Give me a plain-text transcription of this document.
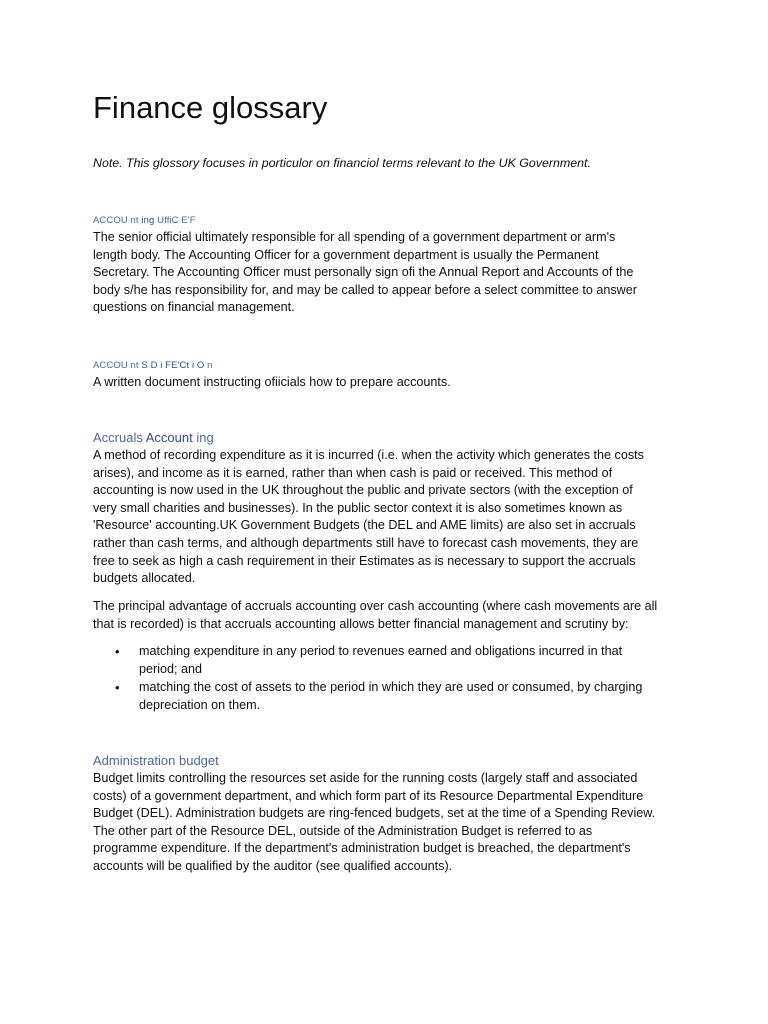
Finance glossary
Note. This glossory focuses in porticulor on financiol terms relevant to the UK Government.
ACCOU nt ing UffiC E'F
The senior official ultimately responsible for all spending of a government department or arm's
length body. The Accounting Officer for a government department is usually the Permanent
Secretary. The Accounting Officer must personally sign ofi the Annual Report and Accounts of the
body s/he has responsibility for, and may be called to appear before a select committee to answer
questions on financial management.
ACCOU nt S D i FE'Ct i O n
A written document instructing ofiicials how to prepare accounts.
Accruals Account ing
A method of recording expenditure as it is incurred (i.e. when the activity which generates the costs
arises), and income as it is earned, rather than when cash is paid or received. This method of
accounting is now used in the UK throughout the public and private sectors (with the exception of
very small charities and businesses). In the public sector context it is also sometimes known as
'Resource' accounting.UK Government Budgets (the DEL and AME limits) are also set in accruals
rather than cash terms, and although departments still have to forecast cash movements, they are
free to seek as high a cash requirement in their Estimates as is necessary to support the accruals
budgets allocated.
The principal advantage of accruals accounting over cash accounting (where cash movements are all
that is recorded) is that accruals accounting allows better financial management and scrutiny by:
• matching expenditure in any period to revenues earned and obligations incurred in that
period; and
• matching the cost of assets to the period in which they are used or consumed, by charging
depreciation on them.
Administration budget
Budget limits controlling the resources set aside for the running costs (largely staff and associated
costs) of a government department, and which form part of its Resource Departmental Expenditure
Budget (DEL). Administration budgets are ring-fenced budgets, set at the time of a Spending Review.
The other part of the Resource DEL, outside of the Administration Budget is referred to as
programme expenditure. If the department's administration budget is breached, the department's
accounts will be qualified by the auditor (see qualified accounts).
